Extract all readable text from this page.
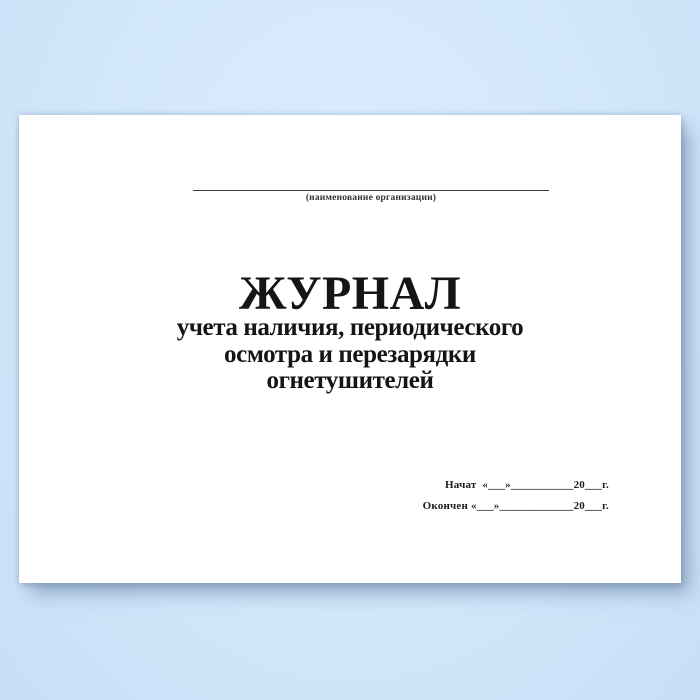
(наименование организации)
ЖУРНАЛ
учета наличия, периодического
осмотра и перезарядки
огнетушителей
Начат  «___»___________20___г.
Окончен «___»_____________20___г.
